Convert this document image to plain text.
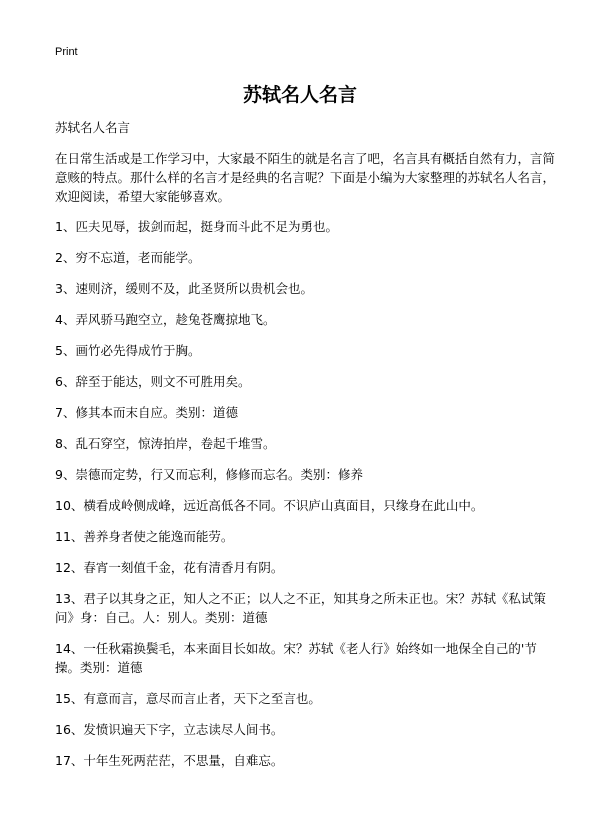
Print
苏轼名人名言

苏轼名人名言

在日常生活或是工作学习中，大家最不陌生的就是名言了吧，名言具有概括自然有力，言简意赅的特点。那什么样的名言才是经典的名言呢？下面是小编为大家整理的苏轼名人名言，欢迎阅读，希望大家能够喜欢。

1、匹夫见辱，拔剑而起，挺身而斗此不足为勇也。
2、穷不忘道，老而能学。
3、速则济，缓则不及，此圣贤所以贵机会也。
4、弄风骄马跑空立，趁兔苍鹰掠地飞。
5、画竹必先得成竹于胸。
6、辞至于能达，则文不可胜用矣。
7、修其本而末自应。类别：道德
8、乱石穿空，惊涛拍岸，卷起千堆雪。
9、崇德而定势，行又而忘利，修修而忘名。类别：修养
10、横看成岭侧成峰，远近高低各不同。不识庐山真面目，只缘身在此山中。
11、善养身者使之能逸而能劳。
12、春宵一刻值千金，花有清香月有阴。
13、君子以其身之正，知人之不正；以人之不正，知其身之所未正也。宋？苏轼《私试策问》身：自己。人：别人。类别：道德
14、一任秋霜换鬓毛，本来面目长如故。宋？苏轼《老人行》始终如一地保全自己的'节操。类别：道德
15、有意而言，意尽而言止者，天下之至言也。
16、发愤识遍天下字，立志读尽人间书。
17、十年生死两茫茫，不思量，自难忘。
